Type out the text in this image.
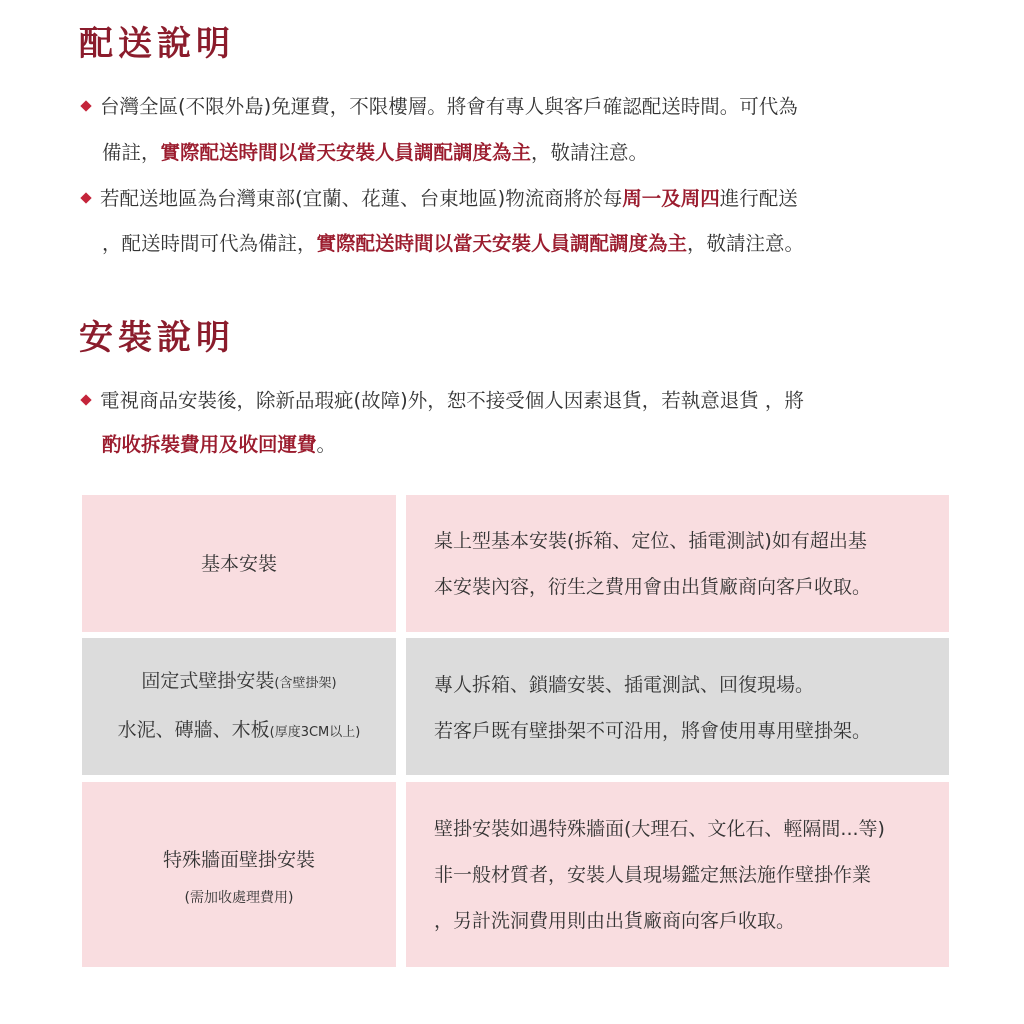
配送說明
台灣全區(不限外島)免運費，不限樓層。將會有專人與客戶確認配送時間。可代為
備註，實際配送時間以當天安裝人員調配調度為主，敬請注意。
若配送地區為台灣東部(宜蘭、花蓮、台東地區)物流商將於每周一及周四進行配送
，配送時間可代為備註，實際配送時間以當天安裝人員調配調度為主，敬請注意。
安裝說明
電視商品安裝後，除新品瑕疵(故障)外，恕不接受個人因素退貨，若執意退貨 ，將
酌收拆裝費用及收回運費。
基本安裝
桌上型基本安裝(拆箱、定位、插電測試)如有超出基
本安裝內容，衍生之費用會由出貨廠商向客戶收取。
固定式壁掛安裝(含壁掛架)
水泥、磚牆、木板(厚度3CM以上)
專人拆箱、鎖牆安裝、插電測試、回復現場。
若客戶既有壁掛架不可沿用，將會使用專用壁掛架。
特殊牆面壁掛安裝
(需加收處理費用)
壁掛安裝如遇特殊牆面(大理石、文化石、輕隔間...等)
非一般材質者，安裝人員現場鑑定無法施作壁掛作業
，另計洗洞費用則由出貨廠商向客戶收取。
